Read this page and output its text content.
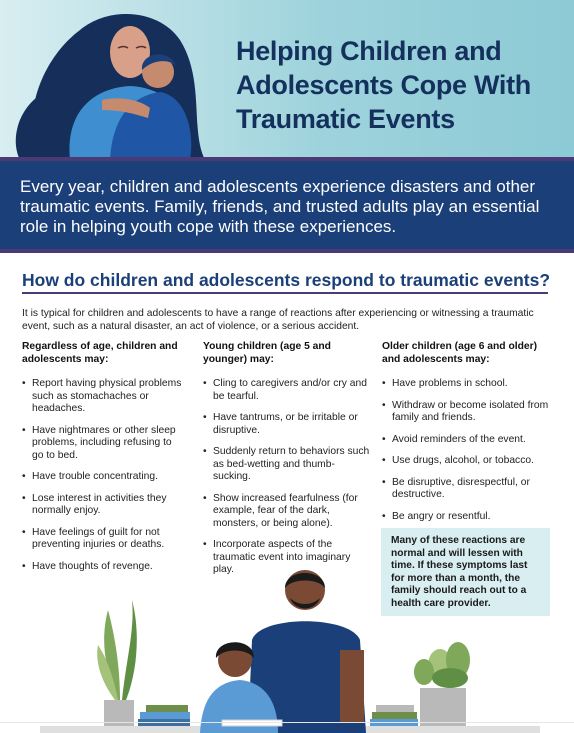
Helping Children and
Adolescents Cope With
Traumatic Events
Every year, children and adolescents experience disasters and other traumatic events. Family, friends, and trusted adults play an essential role in helping youth cope with these experiences.
How do children and adolescents respond to traumatic events?
It is typical for children and adolescents to have a range of reactions after experiencing or witnessing a traumatic event, such as a natural disaster, an act of violence, or a serious accident.
Regardless of age, children and adolescents may:
• Report having physical problems such as stomachaches or headaches.
• Have nightmares or other sleep problems, including refusing to go to bed.
• Have trouble concentrating.
• Lose interest in activities they normally enjoy.
• Have feelings of guilt for not preventing injuries or deaths.
• Have thoughts of revenge.
Young children (age 5 and younger) may:
• Cling to caregivers and/or cry and be tearful.
• Have tantrums, or be irritable or disruptive.
• Suddenly return to behaviors such as bed-wetting and thumb-sucking.
• Show increased fearfulness (for example, fear of the dark, monsters, or being alone).
• Incorporate aspects of the traumatic event into imaginary play.
Older children (age 6 and older) and adolescents may:
• Have problems in school.
• Withdraw or become isolated from family and friends.
• Avoid reminders of the event.
• Use drugs, alcohol, or tobacco.
• Be disruptive, disrespectful, or destructive.
• Be angry or resentful.
Many of these reactions are normal and will lessen with time. If these symptoms last for more than a month, the family should reach out to a health care provider.
